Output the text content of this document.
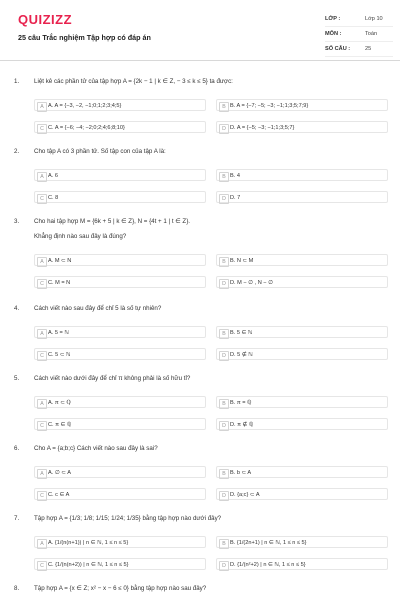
QUIZIZZ
25 câu Trắc nghiệm Tập hợp có đáp án
LỚP :	Lớp 10
MÔN :	Toán
SỐ CÂU :	25
1.	Liệt kê các phần tử của tập hợp A = {2k − 1 | k ∈ Z, − 3 ≤ k ≤ 5} ta được:
A A. A = {−3, −2, −1;0;1;2;3;4;5}	B B. A = {−7; −5; −3; −1;1;3;5;7;9}
C C. A = {−6; −4; −2;0;2;4;6;8;10}	D D. A = {−5; −3; −1;1;3;5;7}
2.	Cho tập A có 3 phần tử. Số tập con của tập A là:
A A. 6	B B. 4
C C. 8	D D. 7
3.	Cho hai tập hợp M = {6k + 5 | k ∈ Z}, N = {4t + 1 | t ∈ Z}.
Khẳng định nào sau đây là đúng?
A A. M ⊂ N	B B. N ⊂ M
C C. M = N	D D. M − ∅ , N − ∅
4.	Cách viết nào sau đây để chỉ 5 là số tự nhiên?
A A. 5 = ℕ	B B. 5 ∈ ℕ
C C. 5 ⊂ ℕ	D D. 5 ∉ ℕ
5.	Cách viết nào dưới đây để chỉ π không phải là số hữu tỉ?
A A. π ⊂ ℚ	B B. π = ℚ
C C. π ∈ ℚ	D D. π ∉ ℚ
6.	Cho A = {a;b;c} Cách viết nào sau đây là sai?
A A. ∅ ⊂ A	B B. b ⊂ A
C C. c ∈ A	D D. {a;c} ⊂ A
7.	Tập hợp A = {1/3; 1/8; 1/15; 1/24; 1/35} bằng tập hợp nào dưới đây?
A A. {1/(n(n+1)) | n ∈ ℕ, 1 ≤ n ≤ 5}	B B. {1/(2n+1) | n ∈ ℕ, 1 ≤ n ≤ 5}
C C. {1/(n(n+2)) | n ∈ ℕ, 1 ≤ n ≤ 5}	D D. {1/(n²+2) | n ∈ ℕ, 1 ≤ n ≤ 5}
8.	Tập hợp A = {x ∈ Z; x² − x − 6 ≤ 0} bằng tập hợp nào sau đây?
